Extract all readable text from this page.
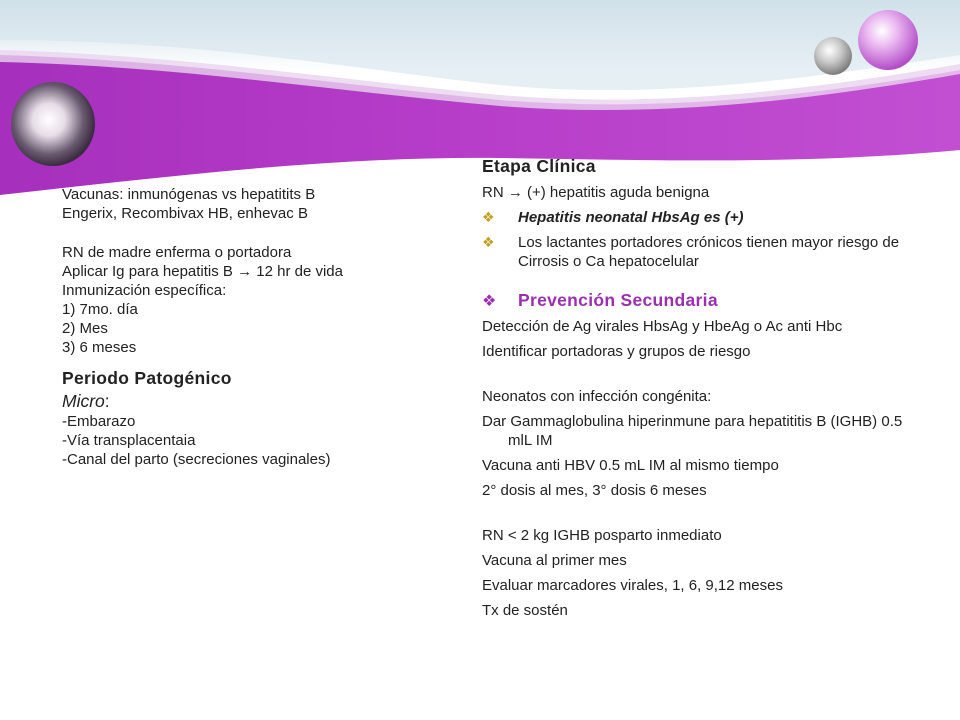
Vacunas: inmunógenas vs hepatitits B
Engerix, Recombivax HB, enhevac B
RN de madre enferma o portadora
Aplicar Ig para hepatitis B → 12 hr de vida
Inmunización específica:
1) 7mo. día
2) Mes
3) 6 meses
Periodo Patogénico
Micro:
-Embarazo
-Vía transplacentaia
-Canal del parto (secreciones vaginales)
Etapa Clínica
RN → (+) hepatitis aguda benigna
❖ Hepatitis neonatal HbsAg es (+)
❖ Los lactantes portadores crónicos tienen mayor riesgo de Cirrosis o Ca hepatocelular
❖ Prevención Secundaria
Detección de Ag virales HbsAg y HbeAg o Ac anti Hbc
Identificar portadoras y grupos de riesgo
Neonatos con infección congénita:
Dar Gammaglobulina hiperinmune para hepatititis B (IGHB) 0.5 mlL IM
Vacuna anti HBV 0.5 mL IM al mismo tiempo
2° dosis al mes, 3° dosis 6 meses
RN < 2 kg IGHB posparto inmediato
Vacuna al primer mes
Evaluar marcadores virales, 1, 6, 9,12 meses
Tx de sostén
